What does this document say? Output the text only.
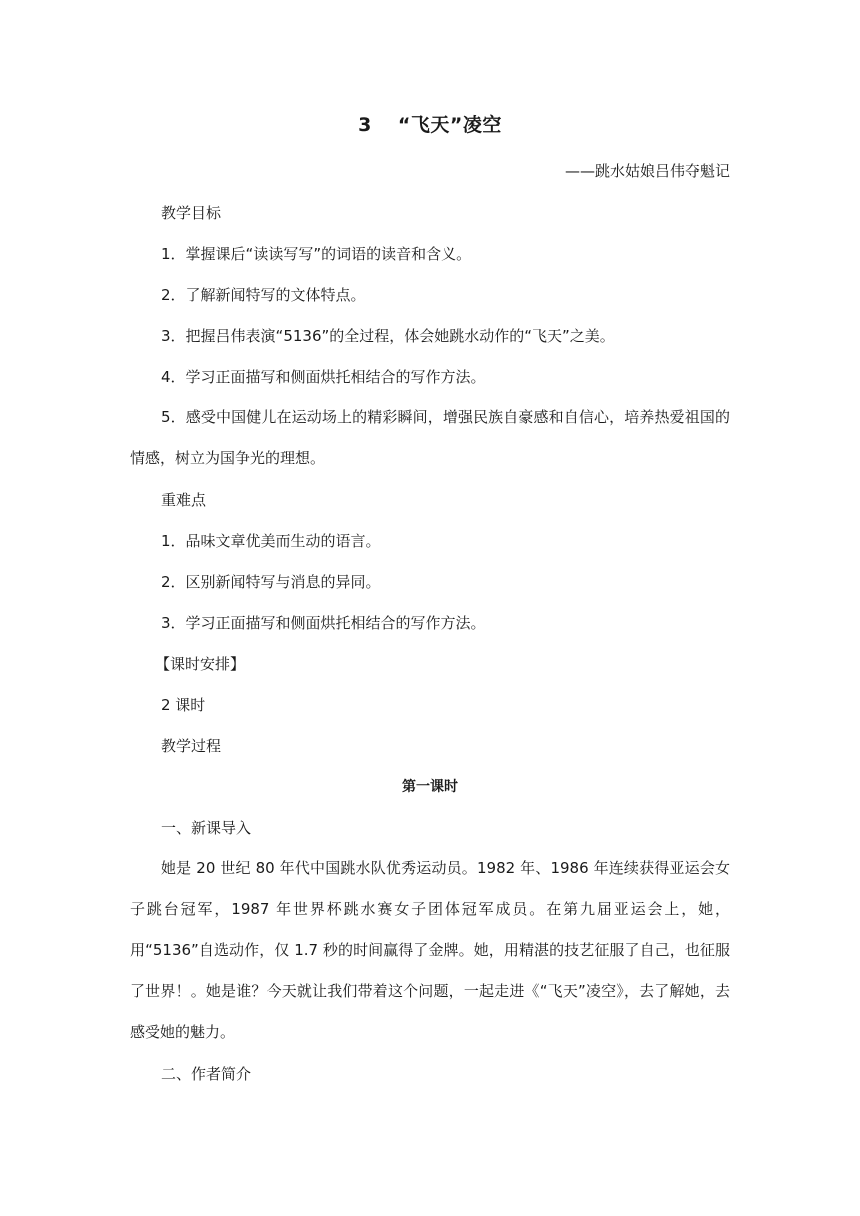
3 “飞天”凌空
——跳水姑娘吕伟夺魁记
教学目标
1．掌握课后“读读写写”的词语的读音和含义。
2．了解新闻特写的文体特点。
3．把握吕伟表演“5136”的全过程，体会她跳水动作的“飞天”之美。
4．学习正面描写和侧面烘托相结合的写作方法。
5．感受中国健儿在运动场上的精彩瞬间，增强民族自豪感和自信心，培养热爱祖国的情感，树立为国争光的理想。
重难点
1．品味文章优美而生动的语言。
2．区别新闻特写与消息的异同。
3．学习正面描写和侧面烘托相结合的写作方法。
【课时安排】
2 课时
教学过程
第一课时
一、新课导入
她是 20 世纪 80 年代中国跳水队优秀运动员。1982 年、1986 年连续获得亚运会女子跳台冠军，1987 年世界杯跳水赛女子团体冠军成员。在第九届亚运会上，她，用“5136”自选动作，仅 1.7 秒的时间赢得了金牌。她，用精湛的技艺征服了自己，也征服了世界！。她是谁？今天就让我们带着这个问题，一起走进《“飞天”凌空》，去了解她，去感受她的魅力。
二、作者简介
